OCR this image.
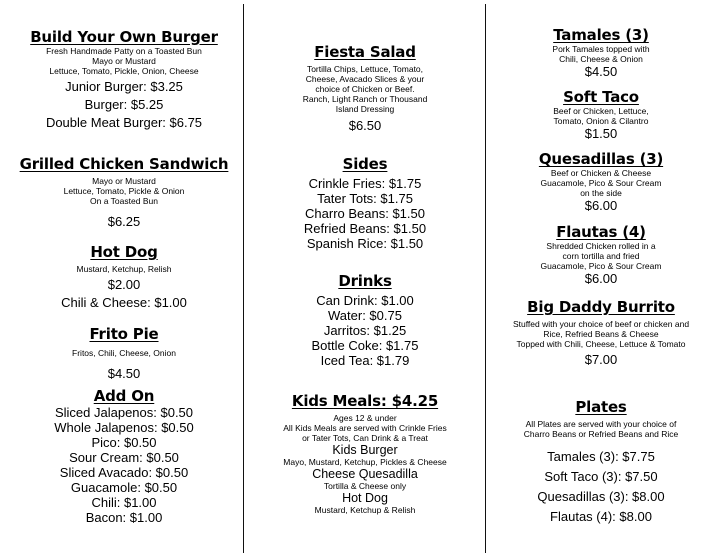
Build Your Own Burger
Fresh Handmade Patty on a Toasted Bun
Mayo or Mustard
Lettuce, Tomato, Pickle, Onion, Cheese
Junior Burger: $3.25
Burger: $5.25
Double Meat Burger: $6.75
Grilled Chicken Sandwich
Mayo or Mustard
Lettuce, Tomato, Pickle & Onion
On a Toasted Bun
$6.25
Hot Dog
Mustard, Ketchup, Relish
$2.00
Chili & Cheese: $1.00
Frito Pie
Fritos, Chili, Cheese, Onion
$4.50
Add On
Sliced Jalapenos: $0.50
Whole Jalapenos: $0.50
Pico: $0.50
Sour Cream: $0.50
Sliced Avacado: $0.50
Guacamole: $0.50
Chili: $1.00
Bacon: $1.00
Fiesta Salad
Tortilla Chips, Lettuce, Tomato,
Cheese, Avacado Slices & your
choice of Chicken or Beef.
Ranch, Light Ranch or Thousand
Island Dressing
$6.50
Sides
Crinkle Fries: $1.75
Tater Tots: $1.75
Charro Beans: $1.50
Refried Beans: $1.50
Spanish Rice: $1.50
Drinks
Can Drink: $1.00
Water: $0.75
Jarritos: $1.25
Bottle Coke: $1.75
Iced Tea: $1.79
Kids Meals: $4.25
Ages 12 & under
All Kids Meals are served with Crinkle Fries
or Tater Tots, Can Drink & a Treat
Kids Burger
Mayo, Mustard, Ketchup, Pickles & Cheese
Cheese Quesadilla
Tortilla & Cheese only
Hot Dog
Mustard, Ketchup & Relish
Tamales (3)
Pork Tamales topped with
Chili, Cheese & Onion
$4.50
Soft Taco
Beef or Chicken, Lettuce,
Tomato, Onion & Cilantro
$1.50
Quesadillas (3)
Beef or Chicken & Cheese
Guacamole, Pico & Sour Cream
on the side
$6.00
Flautas (4)
Shredded Chicken rolled in a
corn tortilla and fried
Guacamole, Pico & Sour Cream
$6.00
Big Daddy Burrito
Stuffed with your choice of beef or chicken and
Rice, Refried Beans & Cheese
Topped with Chili, Cheese, Lettuce & Tomato
$7.00
Plates
All Plates are served with your choice of
Charro Beans or Refried Beans and Rice
Tamales (3): $7.75
Soft Taco (3): $7.50
Quesadillas (3): $8.00
Flautas (4): $8.00
